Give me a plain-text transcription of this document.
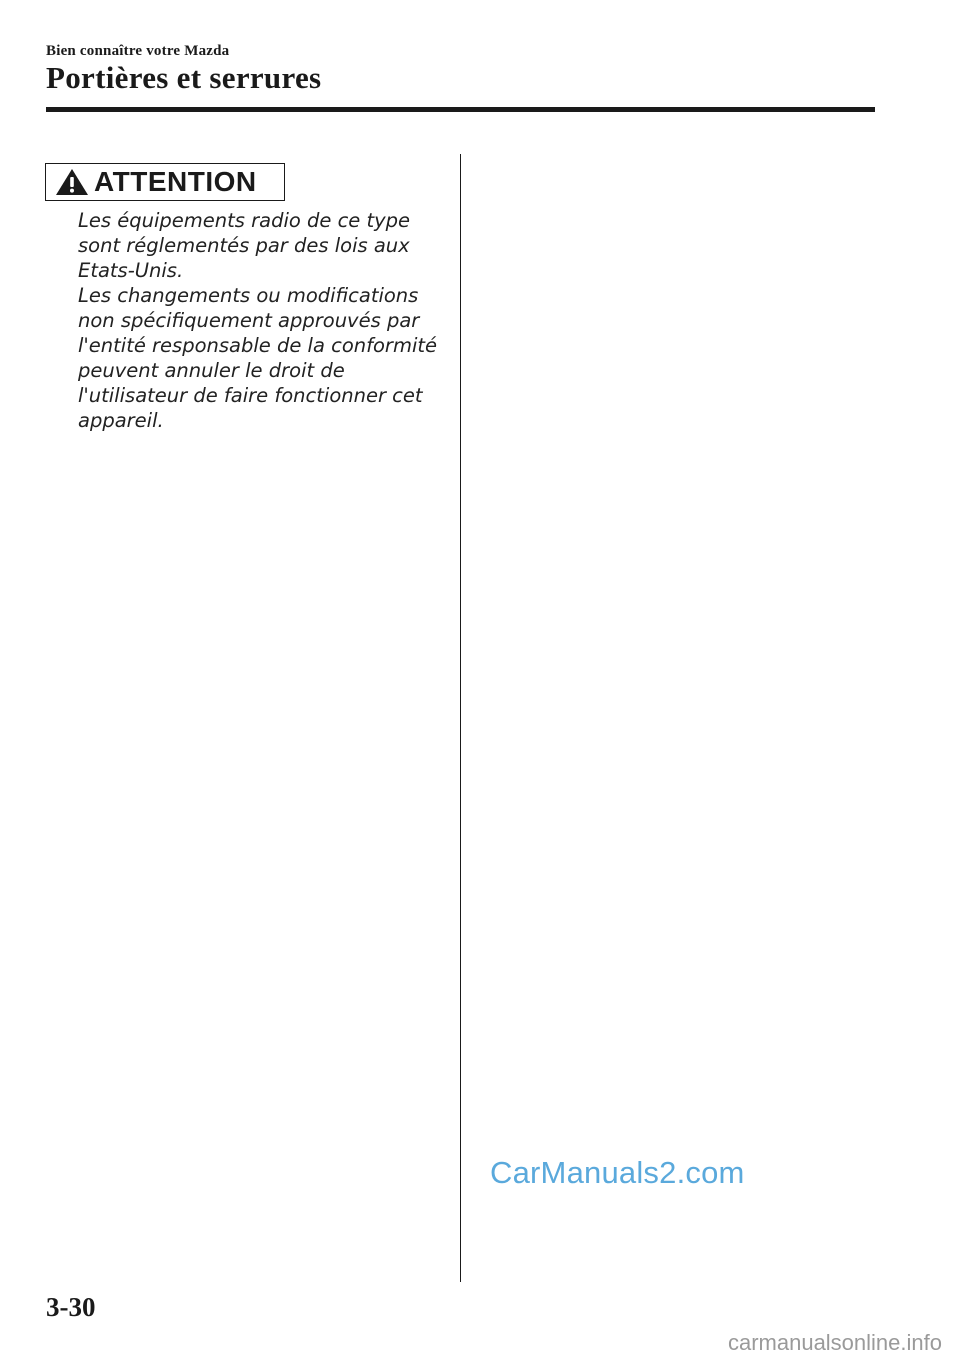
Bien connaître votre Mazda
Portières et serrures
ATTENTION

Les équipements radio de ce type sont réglementés par des lois aux Etats-Unis.

Les changements ou modifications non spécifiquement approuvés par l'entité responsable de la conformité peuvent annuler le droit de l'utilisateur de faire fonctionner cet appareil.

CarManuals2.com
3-30
carmanualsonline.info
